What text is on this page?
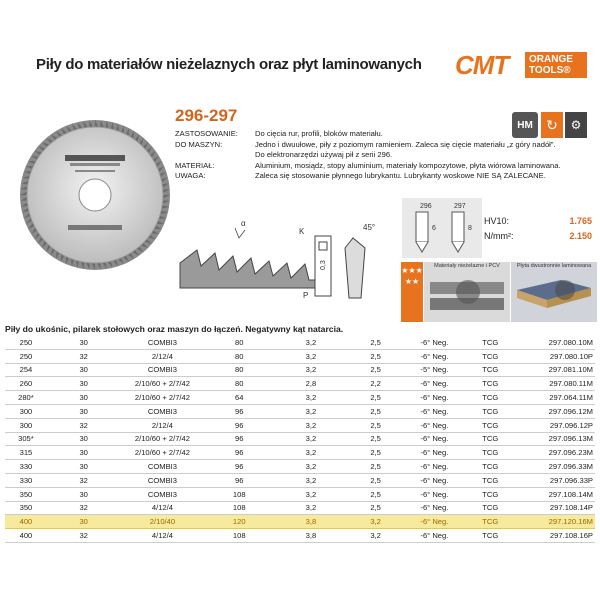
Piły do materiałów nieżelaznych oraz płyt laminowanych CMT	ORANGE TOOLS®
296-297
ZASTOSOWANIE:	Do cięcia rur, profili, bloków materiału.
DO MASZYN:	Jedno i dwuułowe, piły z poziomym ramieniem. Zaleca się cięcie materiału „z góry nadół”.
Do elektronarzędzi używaj pił z serii 296.
MATERIAŁ:	Aluminium, mosiądz, stopy aluminium, materiały kompozytowe, płyta wiórowa laminowana.
UWAGA:	Zaleca się stosowanie płynnego lubrykantu. Lubrykanty woskowe NIE SĄ ZALECANE.
HM ↻	⚙
α
K
P
0,3
45°
296	297
6	8
HV10:	1.765
N/mm²:	2.150
★★★★★
Materiały nieżelazne i PCV	Płyta dwustronnie laminowana
Piły do ukośnic, pilarek stołowych oraz maszyn do łączeń. Negatywny kąt natarcia.
250	30	COMBI3	80	3,2	2,5	-6° Neg.	TCG	297.080.10M
250	32	2/12/4	80	3,2	2,5	-6° Neg.	TCG	297.080.10P
254	30	COMBI3	80	3,2	2,5	-5° Neg.	TCG	297.081.10M
260	30	2/10/60 + 2/7/42	80	2,8	2,2	-6° Neg.	TCG	297.080.11M
280*	30	2/10/60 + 2/7/42	64	3,2	2,5	-6° Neg.	TCG	297.064.11M
300	30	COMBI3	96	3,2	2,5	-6° Neg.	TCG	297.096.12M
300	32	2/12/4	96	3,2	2,5	-6° Neg.	TCG	297.096.12P
305*	30	2/10/60 + 2/7/42	96	3,2	2,5	-6° Neg.	TCG	297.096.13M
315	30	2/10/60 + 2/7/42	96	3,2	2,5	-6° Neg.	TCG	297.096.23M
330	30	COMBI3	96	3,2	2,5	-6° Neg.	TCG	297.096.33M
330	32	COMBI3	96	3,2	2,5	-6° Neg.	TCG	297.096.33P
350	30	COMBI3	108	3,2	2,5	-6° Neg.	TCG	297.108.14M
350	32	4/12/4	108	3,2	2,5	-6° Neg.	TCG	297.108.14P
400	30	2/10/40	120	3,8	3,2	-6° Neg.	TCG	297.120.16M
400	32	4/12/4	108	3,8	3,2	-6° Neg.	TCG	297.108.16P
